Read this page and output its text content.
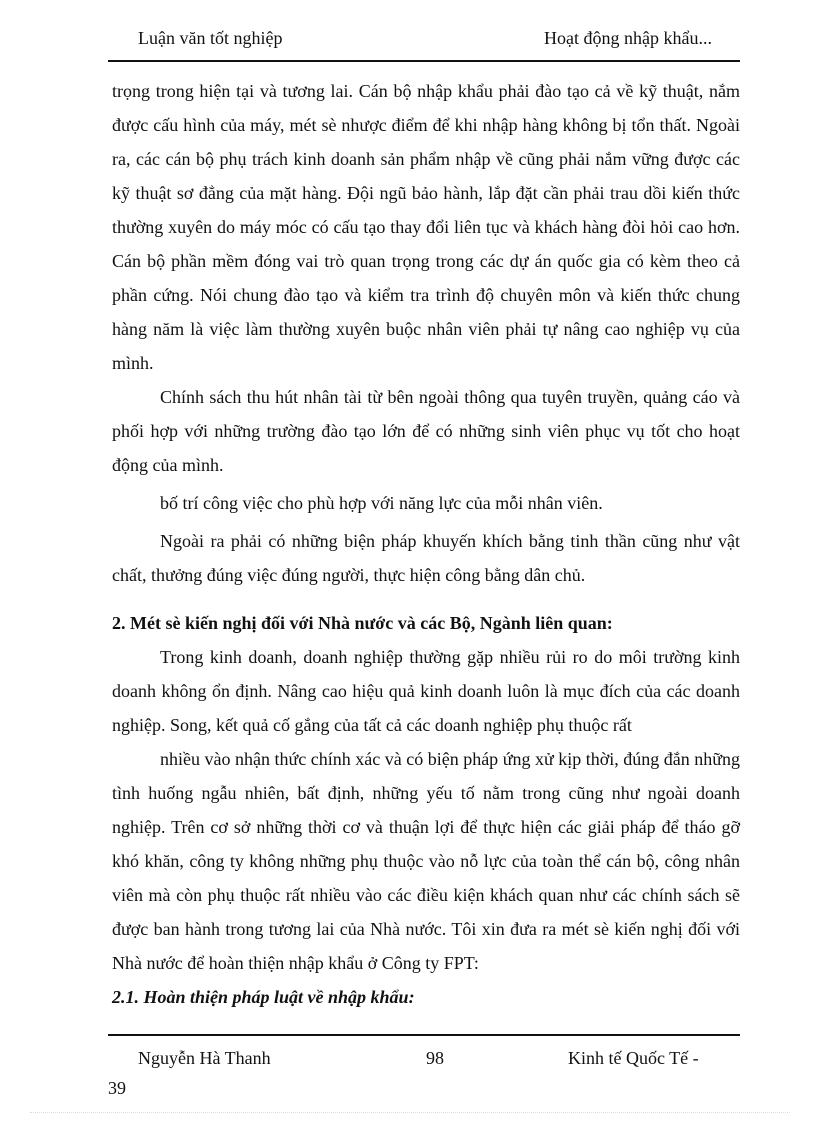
Luận văn tốt nghiệp	Hoạt động nhập khẩu...

trọng trong hiện tại và tương lai. Cán bộ nhập khẩu phải đào tạo cả về kỹ thuật, nắm được cấu hình của máy, mét sè nhược điểm để khi nhập hàng không bị tổn thất. Ngoài ra, các cán bộ phụ trách kinh doanh sản phẩm nhập về cũng phải nắm vững được các kỹ thuật sơ đẳng của mặt hàng. Đội ngũ bảo hành, lắp đặt cần phải trau dồi kiến thức thường xuyên do máy móc có cấu tạo thay đổi liên tục và khách hàng đòi hỏi cao hơn. Cán bộ phần mềm đóng vai trò quan trọng trong các dự án quốc gia có kèm theo cả phần cứng. Nói chung đào tạo và kiểm tra trình độ chuyên môn và kiến thức chung hàng năm là việc làm thường xuyên buộc nhân viên phải tự nâng cao nghiệp vụ của mình.

Chính sách thu hút nhân tài từ bên ngoài thông qua tuyên truyền, quảng cáo và phối hợp với những trường đào tạo lớn để có những sinh viên phục vụ tốt cho hoạt động của mình.

bố trí công việc cho phù hợp với năng lực của mỗi nhân viên.

Ngoài ra phải có những biện pháp khuyến khích bằng tinh thần cũng như vật chất, thưởng đúng việc đúng người, thực hiện công bằng dân chủ.

2. Mét sè kiến nghị đối với Nhà nước và các Bộ, Ngành liên quan:

Trong kinh doanh, doanh nghiệp thường gặp nhiều rủi ro do môi trường kinh doanh không ổn định. Nâng cao hiệu quả kinh doanh luôn là mục đích của các doanh nghiệp. Song, kết quả cố gắng của tất cả các doanh nghiệp phụ thuộc rất

nhiều vào nhận thức chính xác và có biện pháp ứng xử kịp thời, đúng đắn những tình huống ngẫu nhiên, bất định, những yếu tố nằm trong cũng như ngoài doanh nghiệp. Trên cơ sở những thời cơ và thuận lợi để thực hiện các giải pháp để tháo gỡ khó khăn, công ty không những phụ thuộc vào nỗ lực của toàn thể cán bộ, công nhân viên mà còn phụ thuộc rất nhiều vào các điều kiện khách quan như các chính sách sẽ được ban hành trong tương lai của Nhà nước. Tôi xin đưa ra mét sè kiến nghị đối với Nhà nước để hoàn thiện nhập khẩu ở Công ty FPT:

2.1. Hoàn thiện pháp luật về nhập khẩu:

Nguyễn Hà Thanh	98	Kinh tế Quốc Tế -
39
